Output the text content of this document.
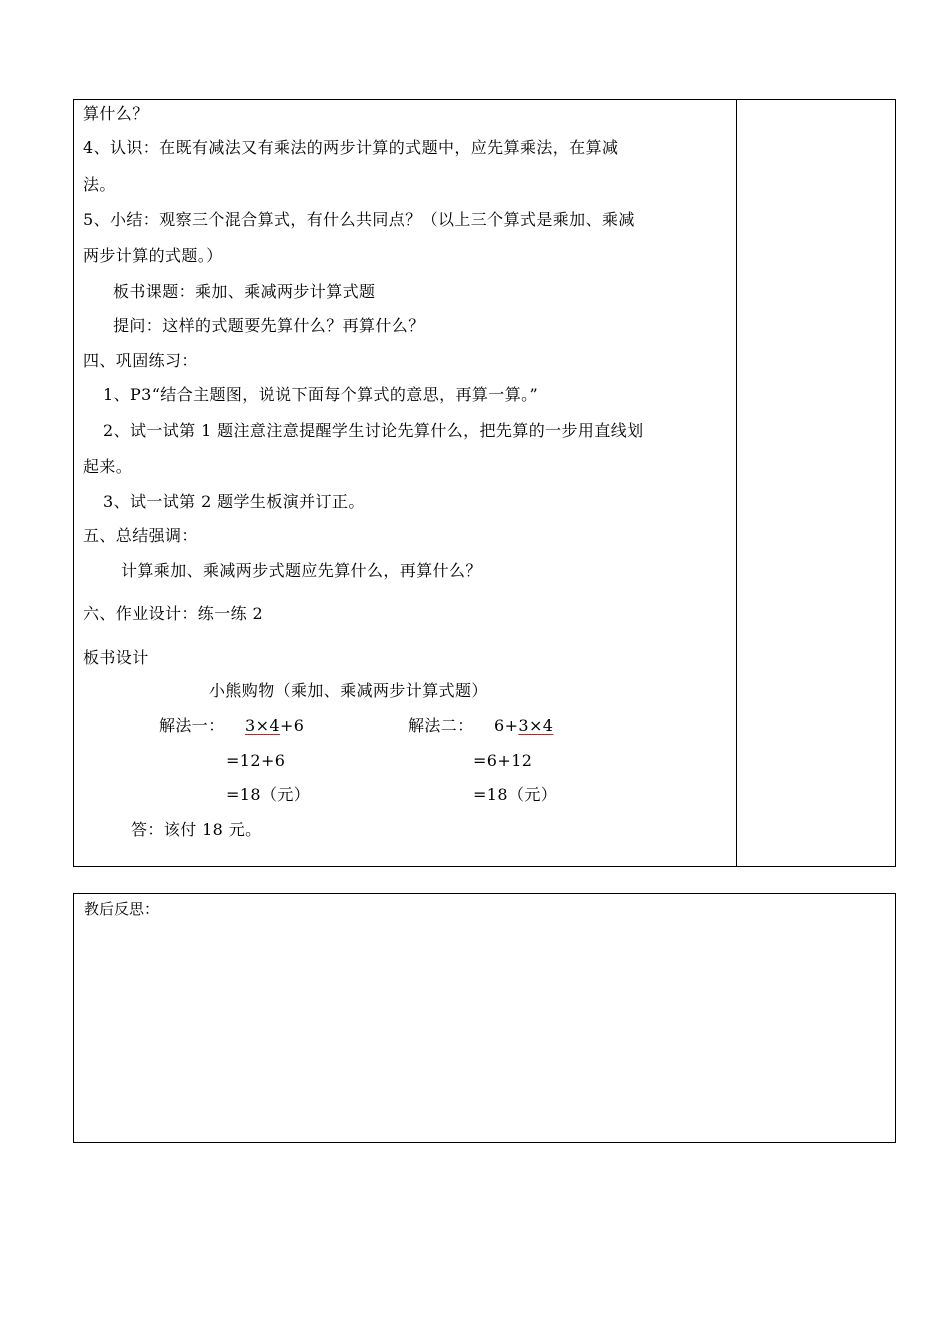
算什么？
4、认识：在既有减法又有乘法的两步计算的式题中，应先算乘法，在算减
法。
5、小结：观察三个混合算式，有什么共同点？（以上三个算式是乘加、乘减
两步计算的式题。）
板书课题：乘加、乘减两步计算式题
提问：这样的式题要先算什么？再算什么？
四、巩固练习：
1、P3“结合主题图，说说下面每个算式的意思，再算一算。”
2、试一试第 1 题注意注意提醒学生讨论先算什么，把先算的一步用直线划
起来。
3、试一试第 2 题学生板演并订正。
五、总结强调：
计算乘加、乘减两步式题应先算什么，再算什么？
六、作业设计：练一练 2
板书设计
小熊购物（乘加、乘减两步计算式题）
解法一： 3×4+6
=12+6
=18（元）
解法二： 6+3×4
=6+12
=18（元）
答：该付 18 元。
教后反思：
